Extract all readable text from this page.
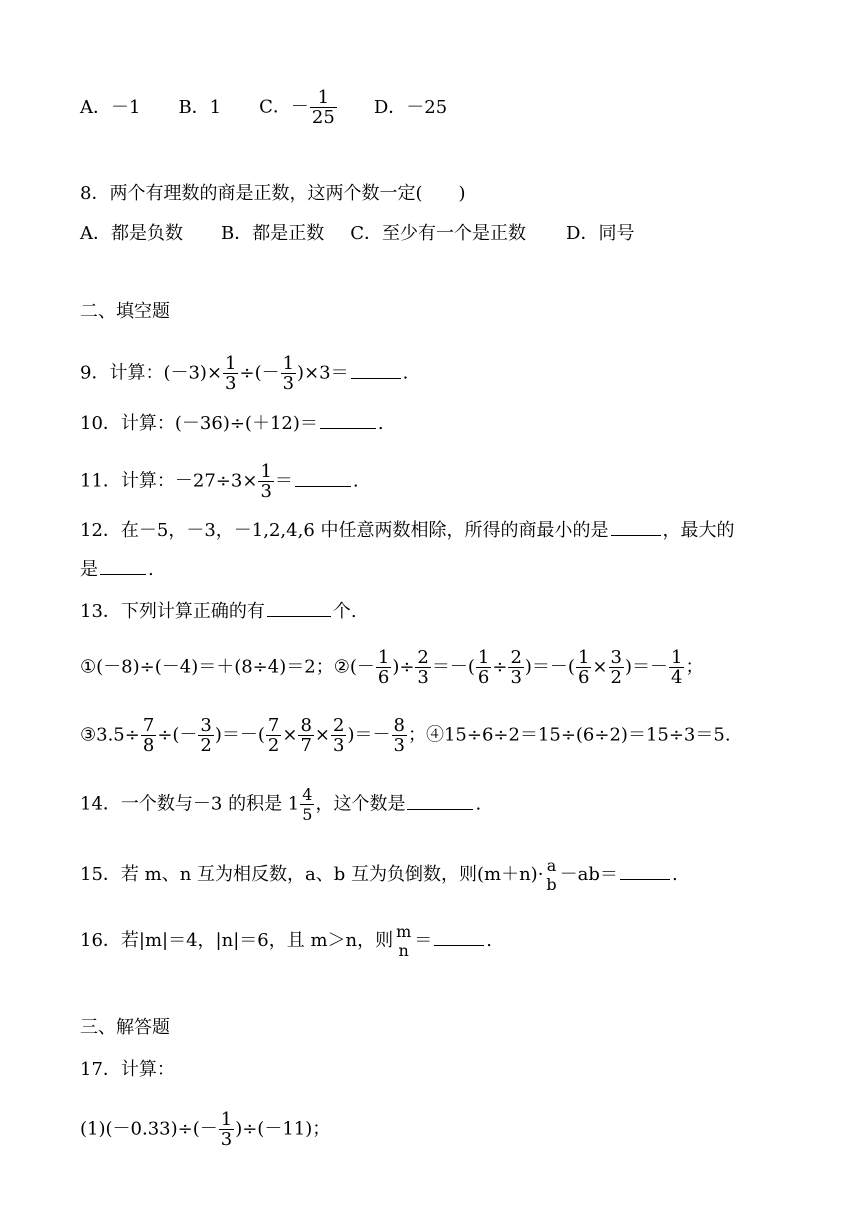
A．－1 B．1 C．－ $\frac{1}{25}$ D．－25
8．两个有理数的商是正数，这两个数一定(　　)
A．都是负数 B．都是正数 C．至少有一个是正数 D．同号
二、填空题
9．计算：$(-3)\times \frac{1}{3}$ ÷(－ $\frac{1}{3} )\times 3=$	.
10．计算：(－36)÷(＋12)＝	.
11．计算：$-27\div 3\times \frac{1}{3}$ ＝	.
12．在－5，－3，－1,2,4,6 中任意两数相除，所得的商最小的是	，最大的
是	.
13．下列计算正确的有	个.
①(－8)÷(－4)＝＋(8÷4)＝2；②(－ $\frac{1}{6}$ )÷ $\frac{2}{3}$ ＝－( $\frac{1}{6} \div \frac{2}{3}$ )＝－( $\frac{1}{6} \times \frac{3}{2}$ )＝－ $\frac{1}{4}$ ；
③3.5÷ $\frac{7}{8}$ ÷(－ $\frac{3}{2}$ )＝－( $\frac{7}{2} \times \frac{8}{7} \times \frac{2}{3}$ )＝－ $\frac{8}{3}$ ；④15÷6÷2＝15÷(6÷2)＝15÷3＝5.
14．一个数与－3 的积是 $1 \frac{4}{5}$ ，这个数是	.
15．若 m、n 互为相反数，a、b 互为负倒数，则(m＋n)· a
b －ab＝	.
16．若|m|＝4，|n|＝6，且 m＞n，则 m
n ＝	.
三、解答题
17．计算：
$(1)(-0.33)\div(- \frac{1}{3} )\div(-11)$；
